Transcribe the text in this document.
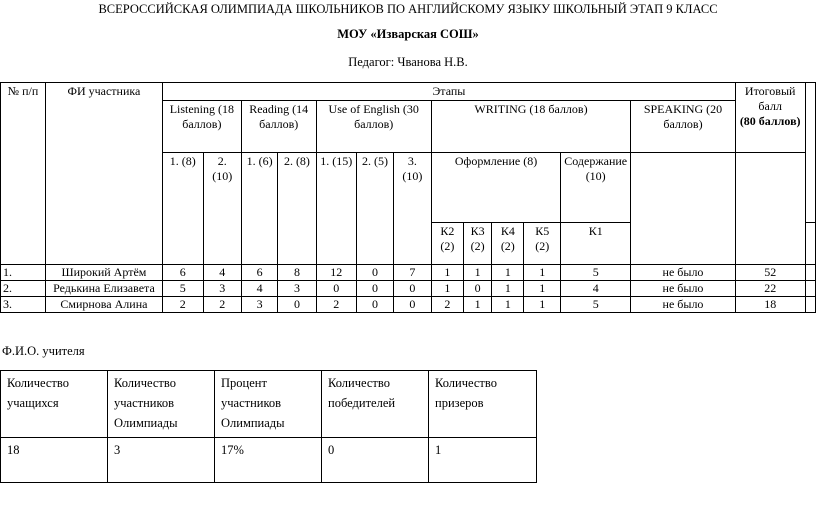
ВСЕРОССИЙСКАЯ ОЛИМПИАДА ШКОЛЬНИКОВ ПО АНГЛИЙСКОМУ ЯЗЫКУ ШКОЛЬНЫЙ ЭТАП 9 КЛАСС
МОУ «Изварская СОШ»
Педагог: Чванова Н.В.
№ п/п	ФИ участника	Этапы													Итоговый балл
(80 баллов)	

		Listening (18 баллов)		Reading (14 баллов)		Use of English (30 баллов)			WRITING (18 баллов)					SPEAKING (20 баллов)		
		1. (8)	2. (10)	1. (6)	2. (8)	1. (15)	2. (5)	3. (10)	Оформление (8)				Содержание (10)			
									К2 (2)	К3 (2)	К4 (2)	К5 (2)	К1			
1.	Широкий Артём	6	4	6	8	12	0	7	1	1	1	1	5	не было	52	
2.	Редькина Елизавета	5	3	4	3	0	0	0	1	0	1	1	4	не было	22	
3.	Смирнова Алина	2	2	3	0	2	0	0	2	1	1	1	5	не было	18	
Ф.И.О. учителя
Количество учащихся	Количество участников Олимпиады	Процент участников Олимпиады	Количество победителей	Количество призеров
18	3	17%	0	1
